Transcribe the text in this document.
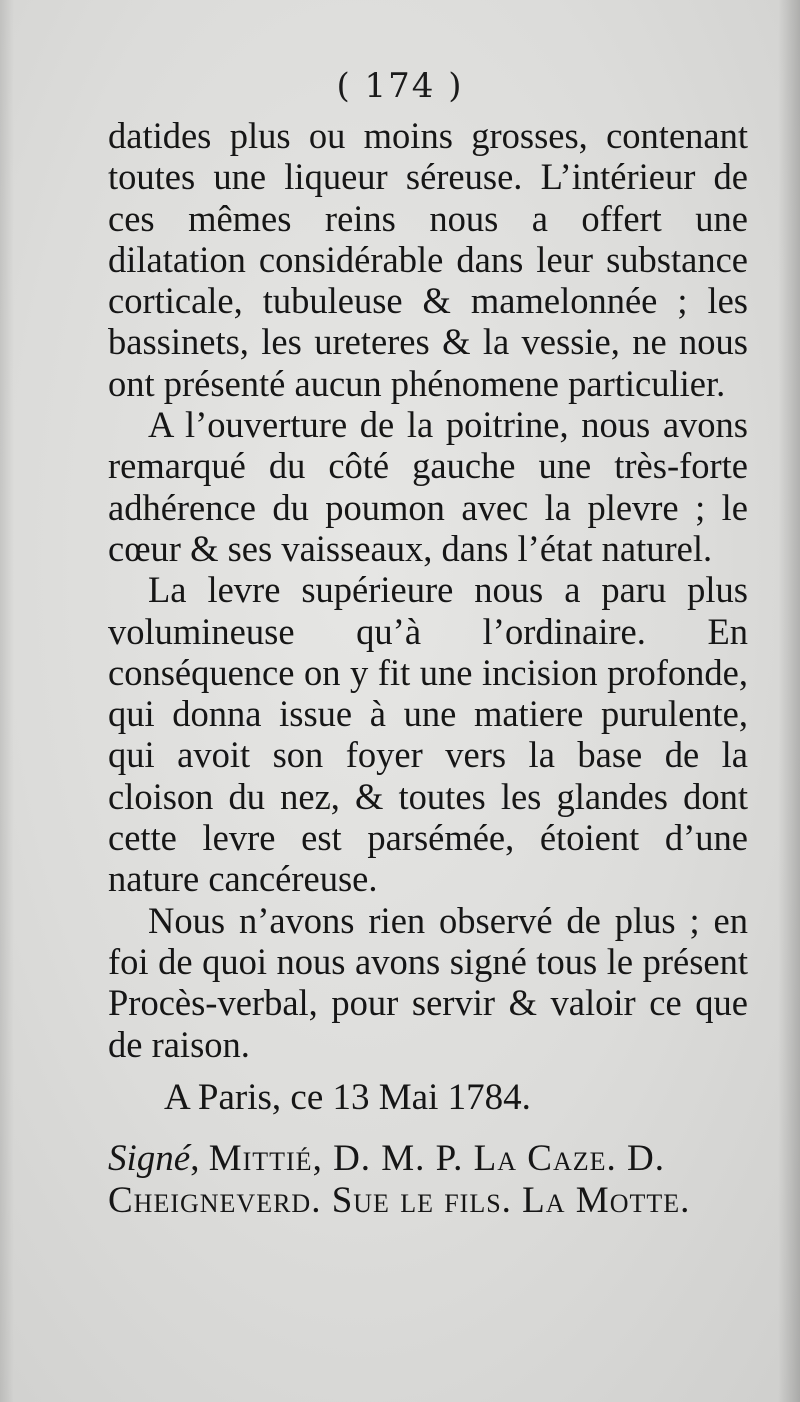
( 174 )

datides plus ou moins grosses, contenant toutes une liqueur séreuse. L’intérieur de ces mêmes reins nous a offert une dilatation considérable dans leur substance corticale, tubuleuse & mamelonnée ; les bassinets, les ureteres & la vessie, ne nous ont présenté aucun phénomene particulier.

A l’ouverture de la poitrine, nous avons remarqué du côté gauche une très-forte adhérence du poumon avec la plevre ; le cœur & ses vaisseaux, dans l’état naturel.

La levre supérieure nous a paru plus volumineuse qu’à l’ordinaire. En conséquence on y fit une incision profonde, qui donna issue à une matiere purulente, qui avoit son foyer vers la base de la cloison du nez, & toutes les glandes dont cette levre est parsémée, étoient d’une nature cancéreuse.

Nous n’avons rien observé de plus ; en foi de quoi nous avons signé tous le présent Procès-verbal, pour servir & valoir ce que de raison.

A Paris, ce 13 Mai 1784.

Signé, Mittié, D. M. P. La Caze. D. Cheigneverd. Sue le fils. La Motte.
